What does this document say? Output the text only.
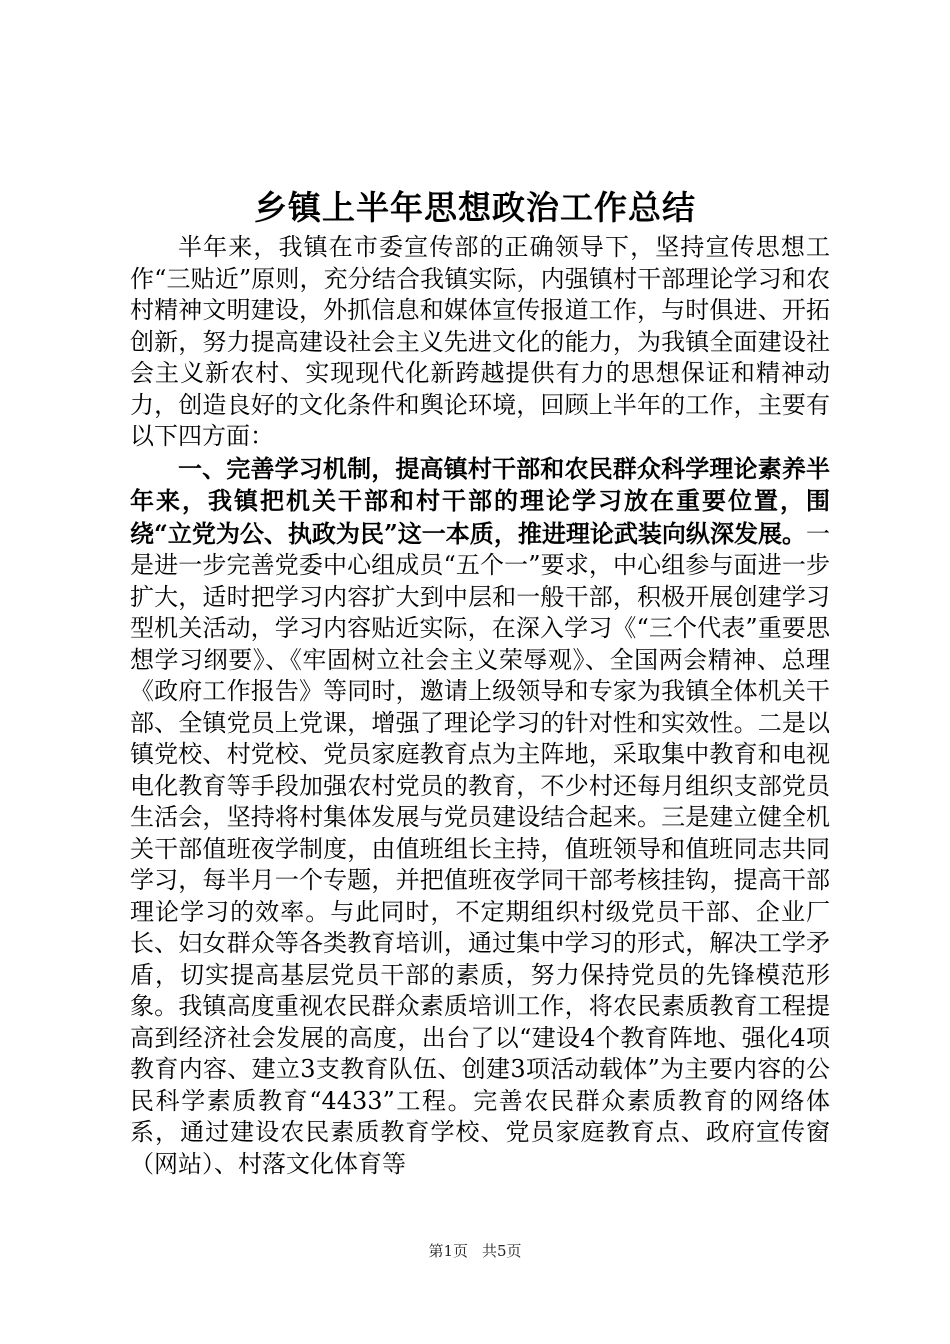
乡镇上半年思想政治工作总结

半年来，我镇在市委宣传部的正确领导下，坚持宣传思想工作“三贴近”原则，充分结合我镇实际，内强镇村干部理论学习和农村精神文明建设，外抓信息和媒体宣传报道工作，与时俱进、开拓创新，努力提高建设社会主义先进文化的能力，为我镇全面建设社会主义新农村、实现现代化新跨越提供有力的思想保证和精神动力，创造良好的文化条件和舆论环境，回顾上半年的工作，主要有以下四方面：

一、完善学习机制，提高镇村干部和农民群众科学理论素养半年来，我镇把机关干部和村干部的理论学习放在重要位置，围绕“立党为公、执政为民”这一本质，推进理论武装向纵深发展。一是进一步完善党委中心组成员“五个一”要求，中心组参与面进一步扩大，适时把学习内容扩大到中层和一般干部，积极开展创建学习型机关活动，学习内容贴近实际，在深入学习《“三个代表”重要思想学习纲要》、《牢固树立社会主义荣辱观》、全国两会精神、总理《政府工作报告》等同时，邀请上级领导和专家为我镇全体机关干部、全镇党员上党课，增强了理论学习的针对性和实效性。二是以镇党校、村党校、党员家庭教育点为主阵地，采取集中教育和电视电化教育等手段加强农村党员的教育，不少村还每月组织支部党员生活会，坚持将村集体发展与党员建设结合起来。三是建立健全机关干部值班夜学制度，由值班组长主持，值班领导和值班同志共同学习，每半月一个专题，并把值班夜学同干部考核挂钩，提高干部理论学习的效率。与此同时，不定期组织村级党员干部、企业厂长、妇女群众等各类教育培训，通过集中学习的形式，解决工学矛盾，切实提高基层党员干部的素质，努力保持党员的先锋模范形象。我镇高度重视农民群众素质培训工作，将农民素质教育工程提高到经济社会发展的高度，出台了以“建设4个教育阵地、强化4项教育内容、建立3支教育队伍、创建3项活动载体”为主要内容的公民科学素质教育“4433”工程。完善农民群众素质教育的网络体系，通过建设农民素质教育学校、党员家庭教育点、政府宣传窗（网站）、村落文化体育等

第1页 共5页
